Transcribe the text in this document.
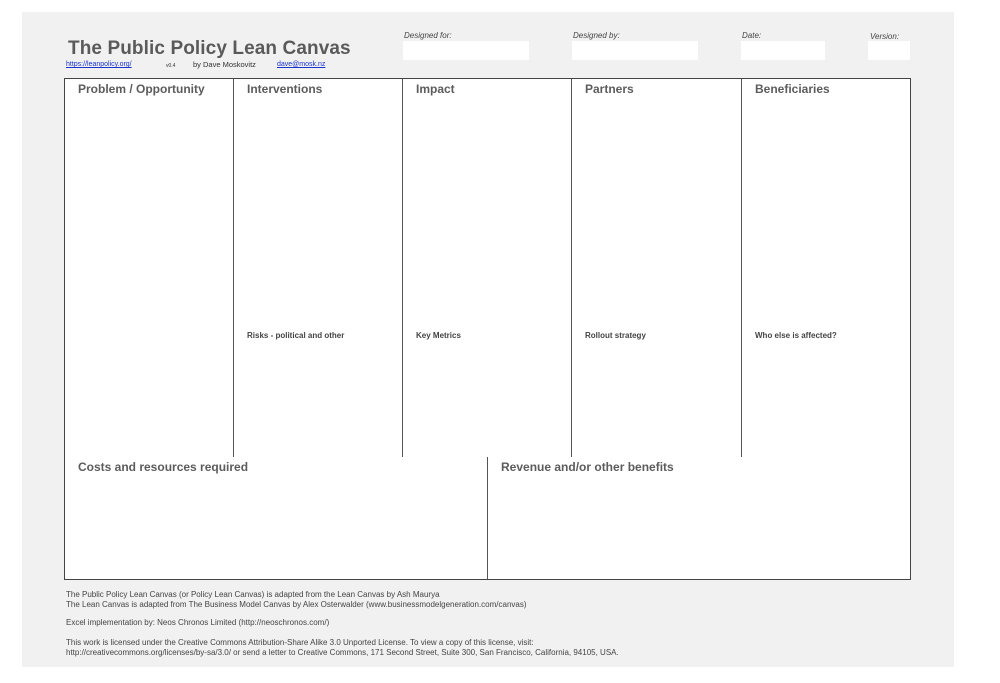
The Public Policy Lean Canvas
https://leanpolicy.org/	v0.4 by Dave Moskovitz	dave@mosk.nz
Designed for:	Designed by:	Date:	Version:
Problem / Opportunity	Interventions
Risks - political and other
Impact
Key Metrics
Partners
Rollout strategy
Beneficiaries
Who else is affected?
Costs and resources required	Revenue and/or other benefits
The Public Policy Lean Canvas (or Policy Lean Canvas) is adapted from the Lean Canvas by Ash Maurya
The Lean Canvas is adapted from The Business Model Canvas by Alex Osterwalder (www.businessmodelgeneration.com/canvas)
Excel implementation by: Neos Chronos Limited (http://neoschronos.com/)
This work is licensed under the Creative Commons Attribution-Share Alike 3.0 Unported License. To view a copy of this license, visit:
http://creativecommons.org/licenses/by-sa/3.0/ or send a letter to Creative Commons, 171 Second Street, Suite 300, San Francisco, California, 94105, USA.
